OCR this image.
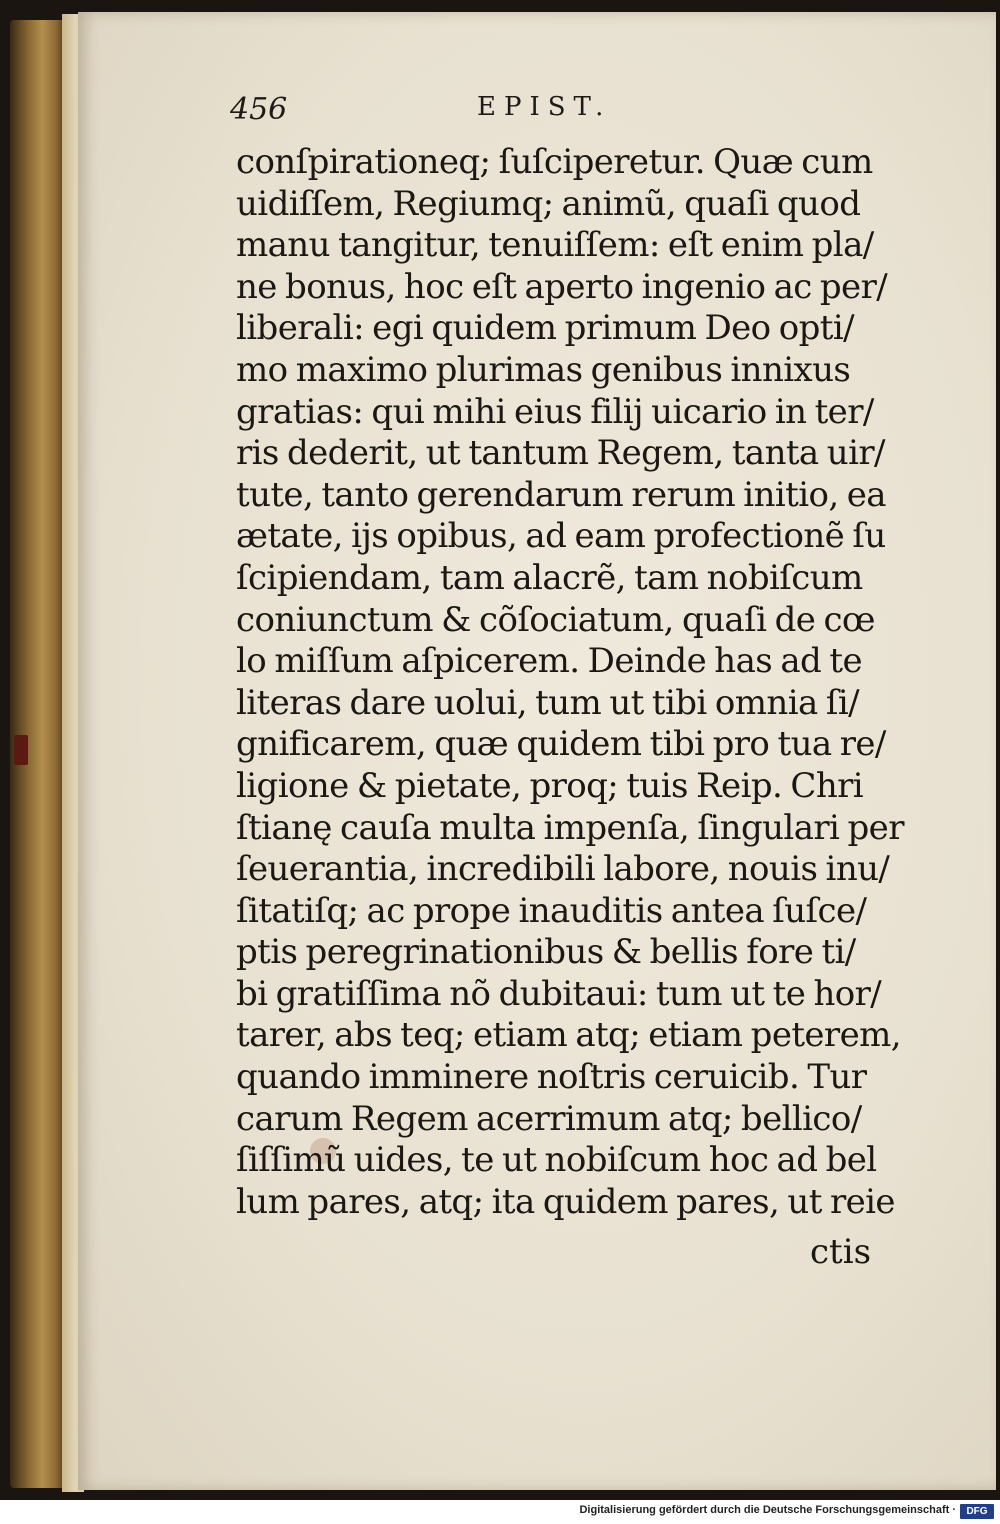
456	EPIST.
conſpirationeq; ſuſciperetur. Quæ cum
uidiſſem, Regiumq; animũ, quaſi quod
manu tangitur, tenuiſſem: eſt enim pla/
ne bonus, hoc eſt aperto ingenio ac per/
liberali: egi quidem primum Deo opti/
mo maximo plurimas genibus innixus
gratias: qui mihi eius filij uicario in ter/
ris dederit, ut tantum Regem, tanta uir/
tute, tanto gerendarum rerum initio, ea
ætate, ijs opibus, ad eam profectionẽ ſu
ſcipiendam, tam alacrẽ, tam nobiſcum
coniunctum & cõſociatum, quaſi de cœ
lo miſſum aſpicerem. Deinde has ad te
literas dare uolui, tum ut tibi omnia ſi/
gnificarem, quæ quidem tibi pro tua re/
ligione & pietate, proq; tuis Reip. Chri
ſtianę cauſa multa impenſa, ſingulari per
ſeuerantia, incredibili labore, nouis inu/
ſitatiſq; ac prope inauditis antea ſuſce/
ptis peregrinationibus & bellis fore ti/
bi gratiſſima nõ dubitaui: tum ut te hor/
tarer, abs teq; etiam atq; etiam peterem,
quando imminere noſtris ceruicib. Tur
carum Regem acerrimum atq; bellico/
ſiſſimũ uides, te ut nobiſcum hoc ad bel
lum pares, atq; ita quidem pares, ut reie
ctis
Digitalisierung gefördert durch die Deutsche Forschungsgemeinschaft ·	DFG
